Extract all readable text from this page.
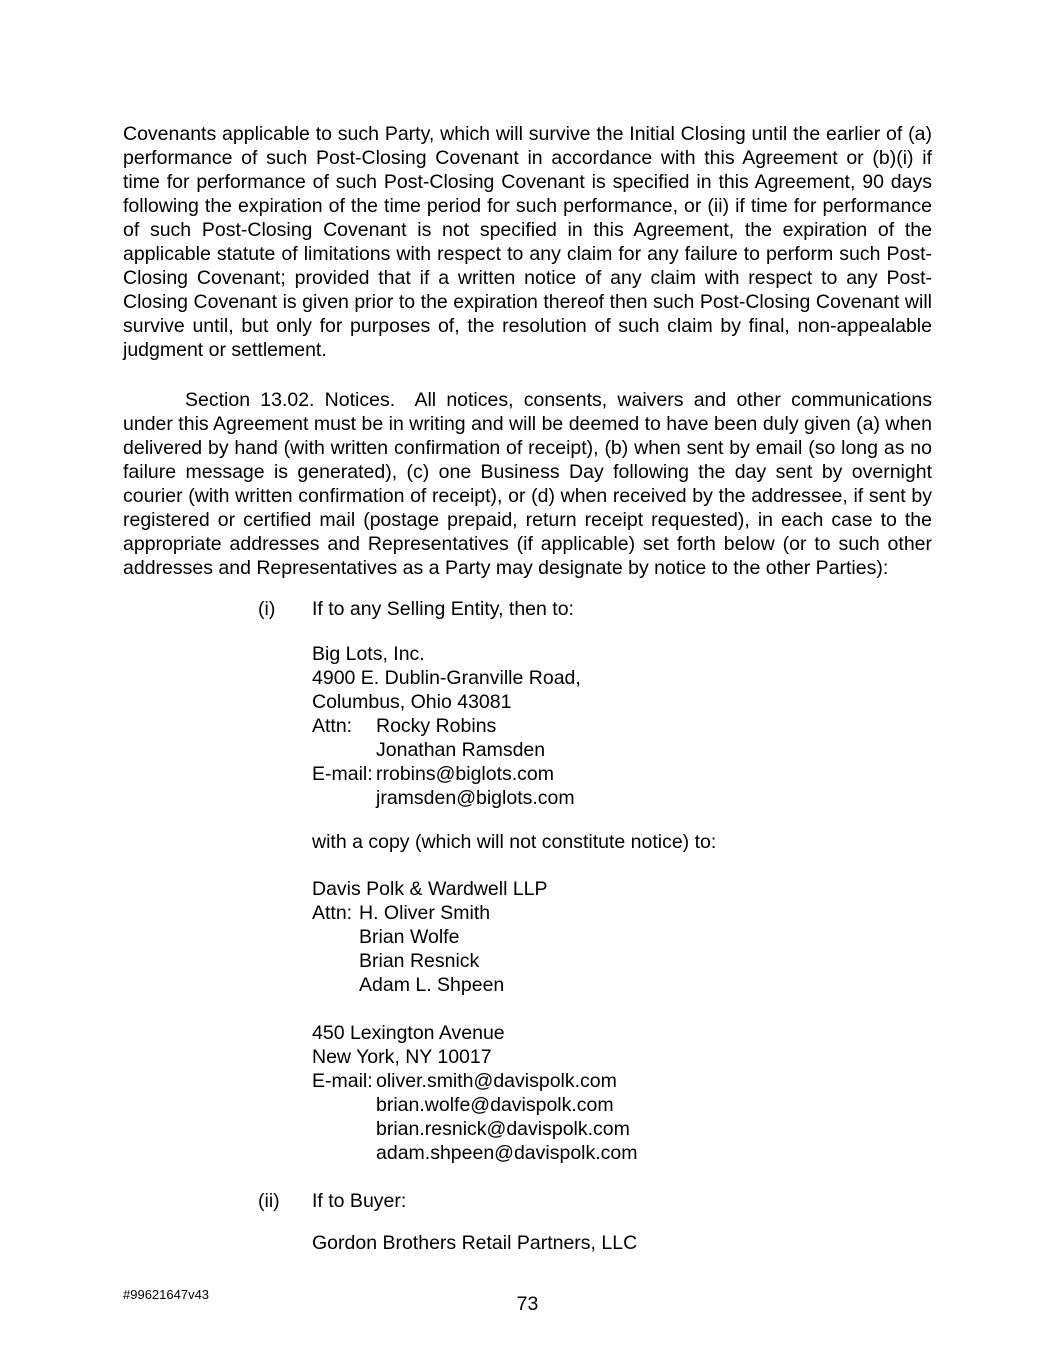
Covenants applicable to such Party, which will survive the Initial Closing until the earlier of (a) performance of such Post-Closing Covenant in accordance with this Agreement or (b)(i) if time for performance of such Post-Closing Covenant is specified in this Agreement, 90 days following the expiration of the time period for such performance, or (ii) if time for performance of such Post-Closing Covenant is not specified in this Agreement, the expiration of the applicable statute of limitations with respect to any claim for any failure to perform such Post-Closing Covenant; provided that if a written notice of any claim with respect to any Post-Closing Covenant is given prior to the expiration thereof then such Post-Closing Covenant will survive until, but only for purposes of, the resolution of such claim by final, non-appealable judgment or settlement.

Section 13.02. Notices.  All notices, consents, waivers and other communications under this Agreement must be in writing and will be deemed to have been duly given (a) when delivered by hand (with written confirmation of receipt), (b) when sent by email (so long as no failure message is generated), (c) one Business Day following the day sent by overnight courier (with written confirmation of receipt), or (d) when received by the addressee, if sent by registered or certified mail (postage prepaid, return receipt requested), in each case to the appropriate addresses and Representatives (if applicable) set forth below (or to such other addresses and Representatives as a Party may designate by notice to the other Parties):

(i)	If to any Selling Entity, then to:
Big Lots, Inc.
4900 E. Dublin-Granville Road,
Columbus, Ohio 43081
Attn:	Rocky Robins
Jonathan Ramsden
E-mail: rrobins@biglots.com
jramsden@biglots.com
with a copy (which will not constitute notice) to:
Davis Polk & Wardwell LLP
Attn: H. Oliver Smith
Brian Wolfe
Brian Resnick
Adam L. Shpeen
450 Lexington Avenue
New York, NY 10017
E-mail: oliver.smith@davispolk.com
brian.wolfe@davispolk.com
brian.resnick@davispolk.com
adam.shpeen@davispolk.com
(ii)	If to Buyer:
Gordon Brothers Retail Partners, LLC
73
#99621647v43
